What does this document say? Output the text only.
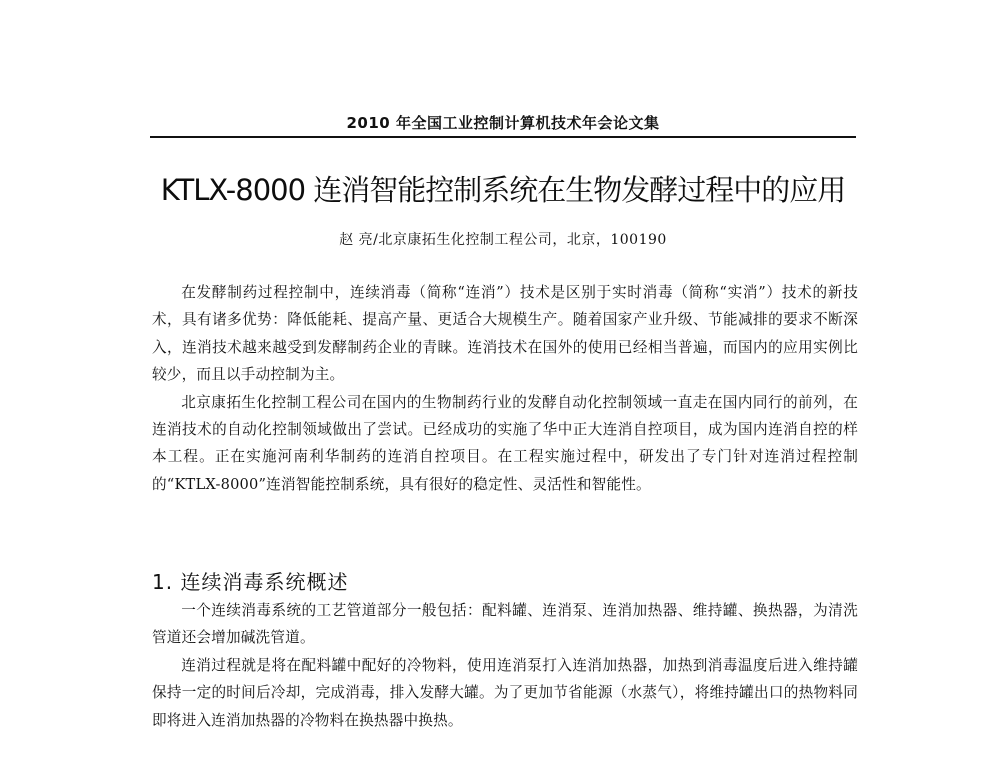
2010 年全国工业控制计算机技术年会论文集
KTLX-8000 连消智能控制系统在生物发酵过程中的应用
赵 亮/北京康拓生化控制工程公司，北京，100190

在发酵制药过程控制中，连续消毒（简称“连消”）技术是区别于实时消毒（简称“实消”）技术的新技术，具有诸多优势：降低能耗、提高产量、更适合大规模生产。随着国家产业升级、节能减排的要求不断深入，连消技术越来越受到发酵制药企业的青睐。连消技术在国外的使用已经相当普遍，而国内的应用实例比较少，而且以手动控制为主。

北京康拓生化控制工程公司在国内的生物制药行业的发酵自动化控制领域一直走在国内同行的前列，在连消技术的自动化控制领域做出了尝试。已经成功的实施了华中正大连消自控项目，成为国内连消自控的样本工程。正在实施河南利华制药的连消自控项目。在工程实施过程中，研发出了专门针对连消过程控制的“KTLX-8000”连消智能控制系统，具有很好的稳定性、灵活性和智能性。

1. 连续消毒系统概述

一个连续消毒系统的工艺管道部分一般包括：配料罐、连消泵、连消加热器、维持罐、换热器，为清洗管道还会增加碱洗管道。

连消过程就是将在配料罐中配好的冷物料，使用连消泵打入连消加热器，加热到消毒温度后进入维持罐保持一定的时间后冷却，完成消毒，排入发酵大罐。为了更加节省能源（水蒸气），将维持罐出口的热物料同即将进入连消加热器的冷物料在换热器中换热。
